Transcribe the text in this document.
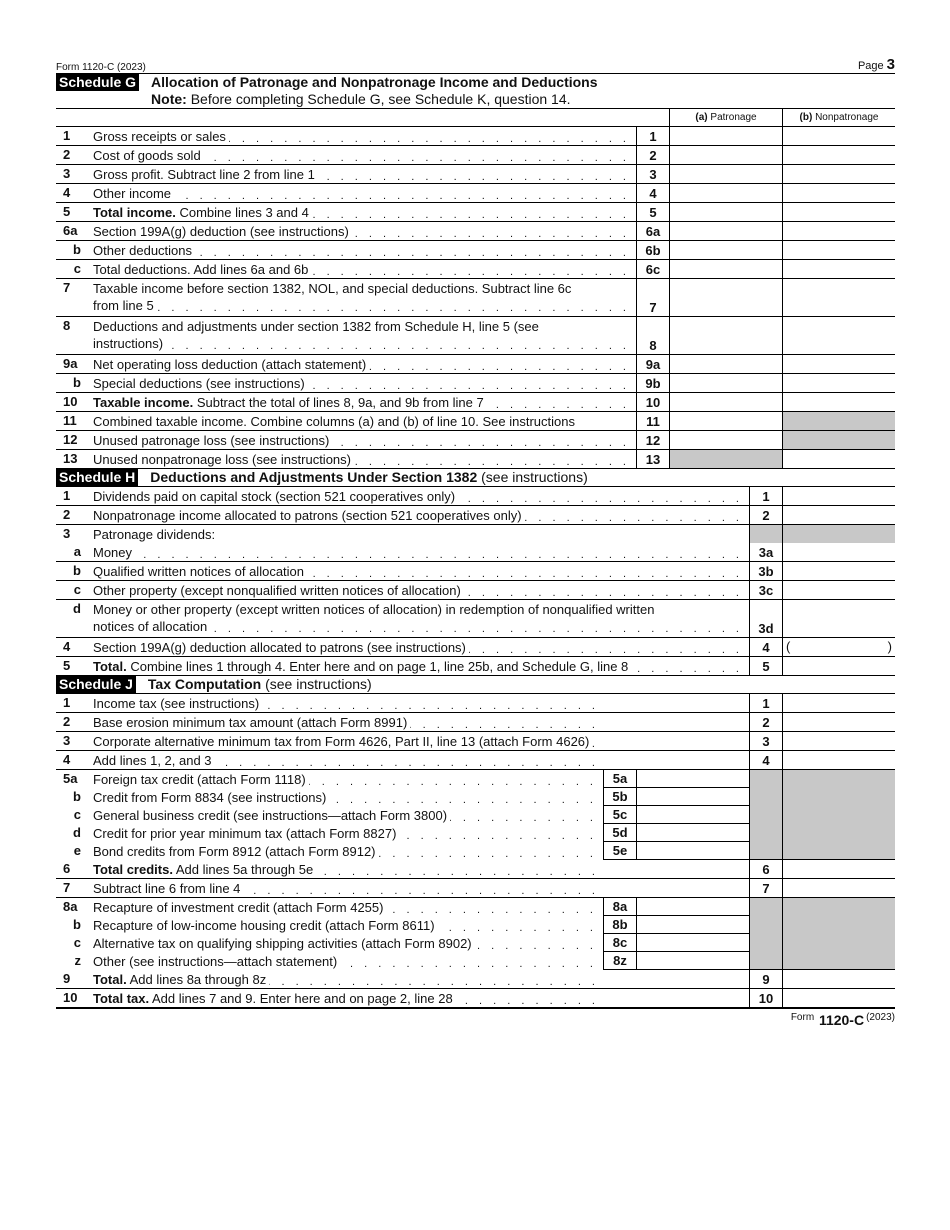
Form 1120-C (2023)	Page 3
Schedule G Allocation of Patronage and Nonpatronage Income and Deductions
Note: Before completing Schedule G, see Schedule K, question 14.
(a) Patronage	(b) Nonpatronage
1 . . .	Gross receipts or sales	1
2 . . .	Cost of goods sold	2
3 . . .	Gross profit. Subtract line 2 from line 1	3
4 . . .	Other income	4
5 . . .	Total income. Combine lines 3 and 4	5
6a . . .	Section 199A(g) deduction (see instructions)	6a
b . . . Other deductions	6b
c . . . Total deductions. Add lines 6a and 6b	6c
7	Taxable income before section 1382, NOL, and special deductions. Subtract line 6c
. . .
from line 5	7
8	Deductions and adjustments under section 1382 from Schedule H, line 5 (see
. . .
instructions)	8
9a . . .	Net operating loss deduction (attach statement)	9a
b . . . Special deductions (see instructions)	9b
10 . . .	Taxable income. Subtract the total of lines 8, 9a, and 9b from line 7	10
11	Combined taxable income. Combine columns (a) and (b) of line 10. See instructions	11
12 . . .	Unused patronage loss (see instructions)	12
13 . . .	Unused nonpatronage loss (see instructions)	13
Schedule H Deductions and Adjustments Under Section 1382 (see instructions)
1 . . .	Dividends paid on capital stock (section 521 cooperatives only)	1
2 . . .	Nonpatronage income allocated to patrons (section 521 cooperatives only)	2
3	Patronage dividends:
a . . . Money	3a
b . . . Qualified written notices of allocation	3b
c . . . Other property (except nonqualified written notices of allocation)	3c
d Money or other property (except written notices of allocation) in redemption of nonqualified written
. . .
notices of allocation	3d
4 . . .	Section 199A(g) deduction allocated to patrons (see instructions)	4	(	)
5 . . .	Total. Combine lines 1 through 4. Enter here and on page 1, line 25b, and Schedule G, line 8	5
Schedule J Tax Computation (see instructions)
1 . . .	Income tax (see instructions)	1
2 . . .	Base erosion minimum tax amount (attach Form 8991)	2
3 . . .	Corporate alternative minimum tax from Form 4626, Part II, line 13 (attach Form 4626)	3
4 . . .	Add lines 1, 2, and 3	4
5a . . .	Foreign tax credit (attach Form 1118)	5a
b . . . Credit from Form 8834 (see instructions)	5b
c . . . General business credit (see instructions—attach Form 3800)	5c
d . . . Credit for prior year minimum tax (attach Form 8827)	5d
e . . . Bond credits from Form 8912 (attach Form 8912)	5e
6 . . .	Total credits. Add lines 5a through 5e	6
7 . . .	Subtract line 6 from line 4	7
8a . . .	Recapture of investment credit (attach Form 4255)	8a
b . . . Recapture of low-income housing credit (attach Form 8611)	8b
c . . . Alternative tax on qualifying shipping activities (attach Form 8902)	8c
z . . . Other (see instructions—attach statement)	8z
9 . . .	Total. Add lines 8a through 8z	9
10 . . .	Total tax. Add lines 7 and 9. Enter here and on page 2, line 28	10
Form
1120-C (2023)
